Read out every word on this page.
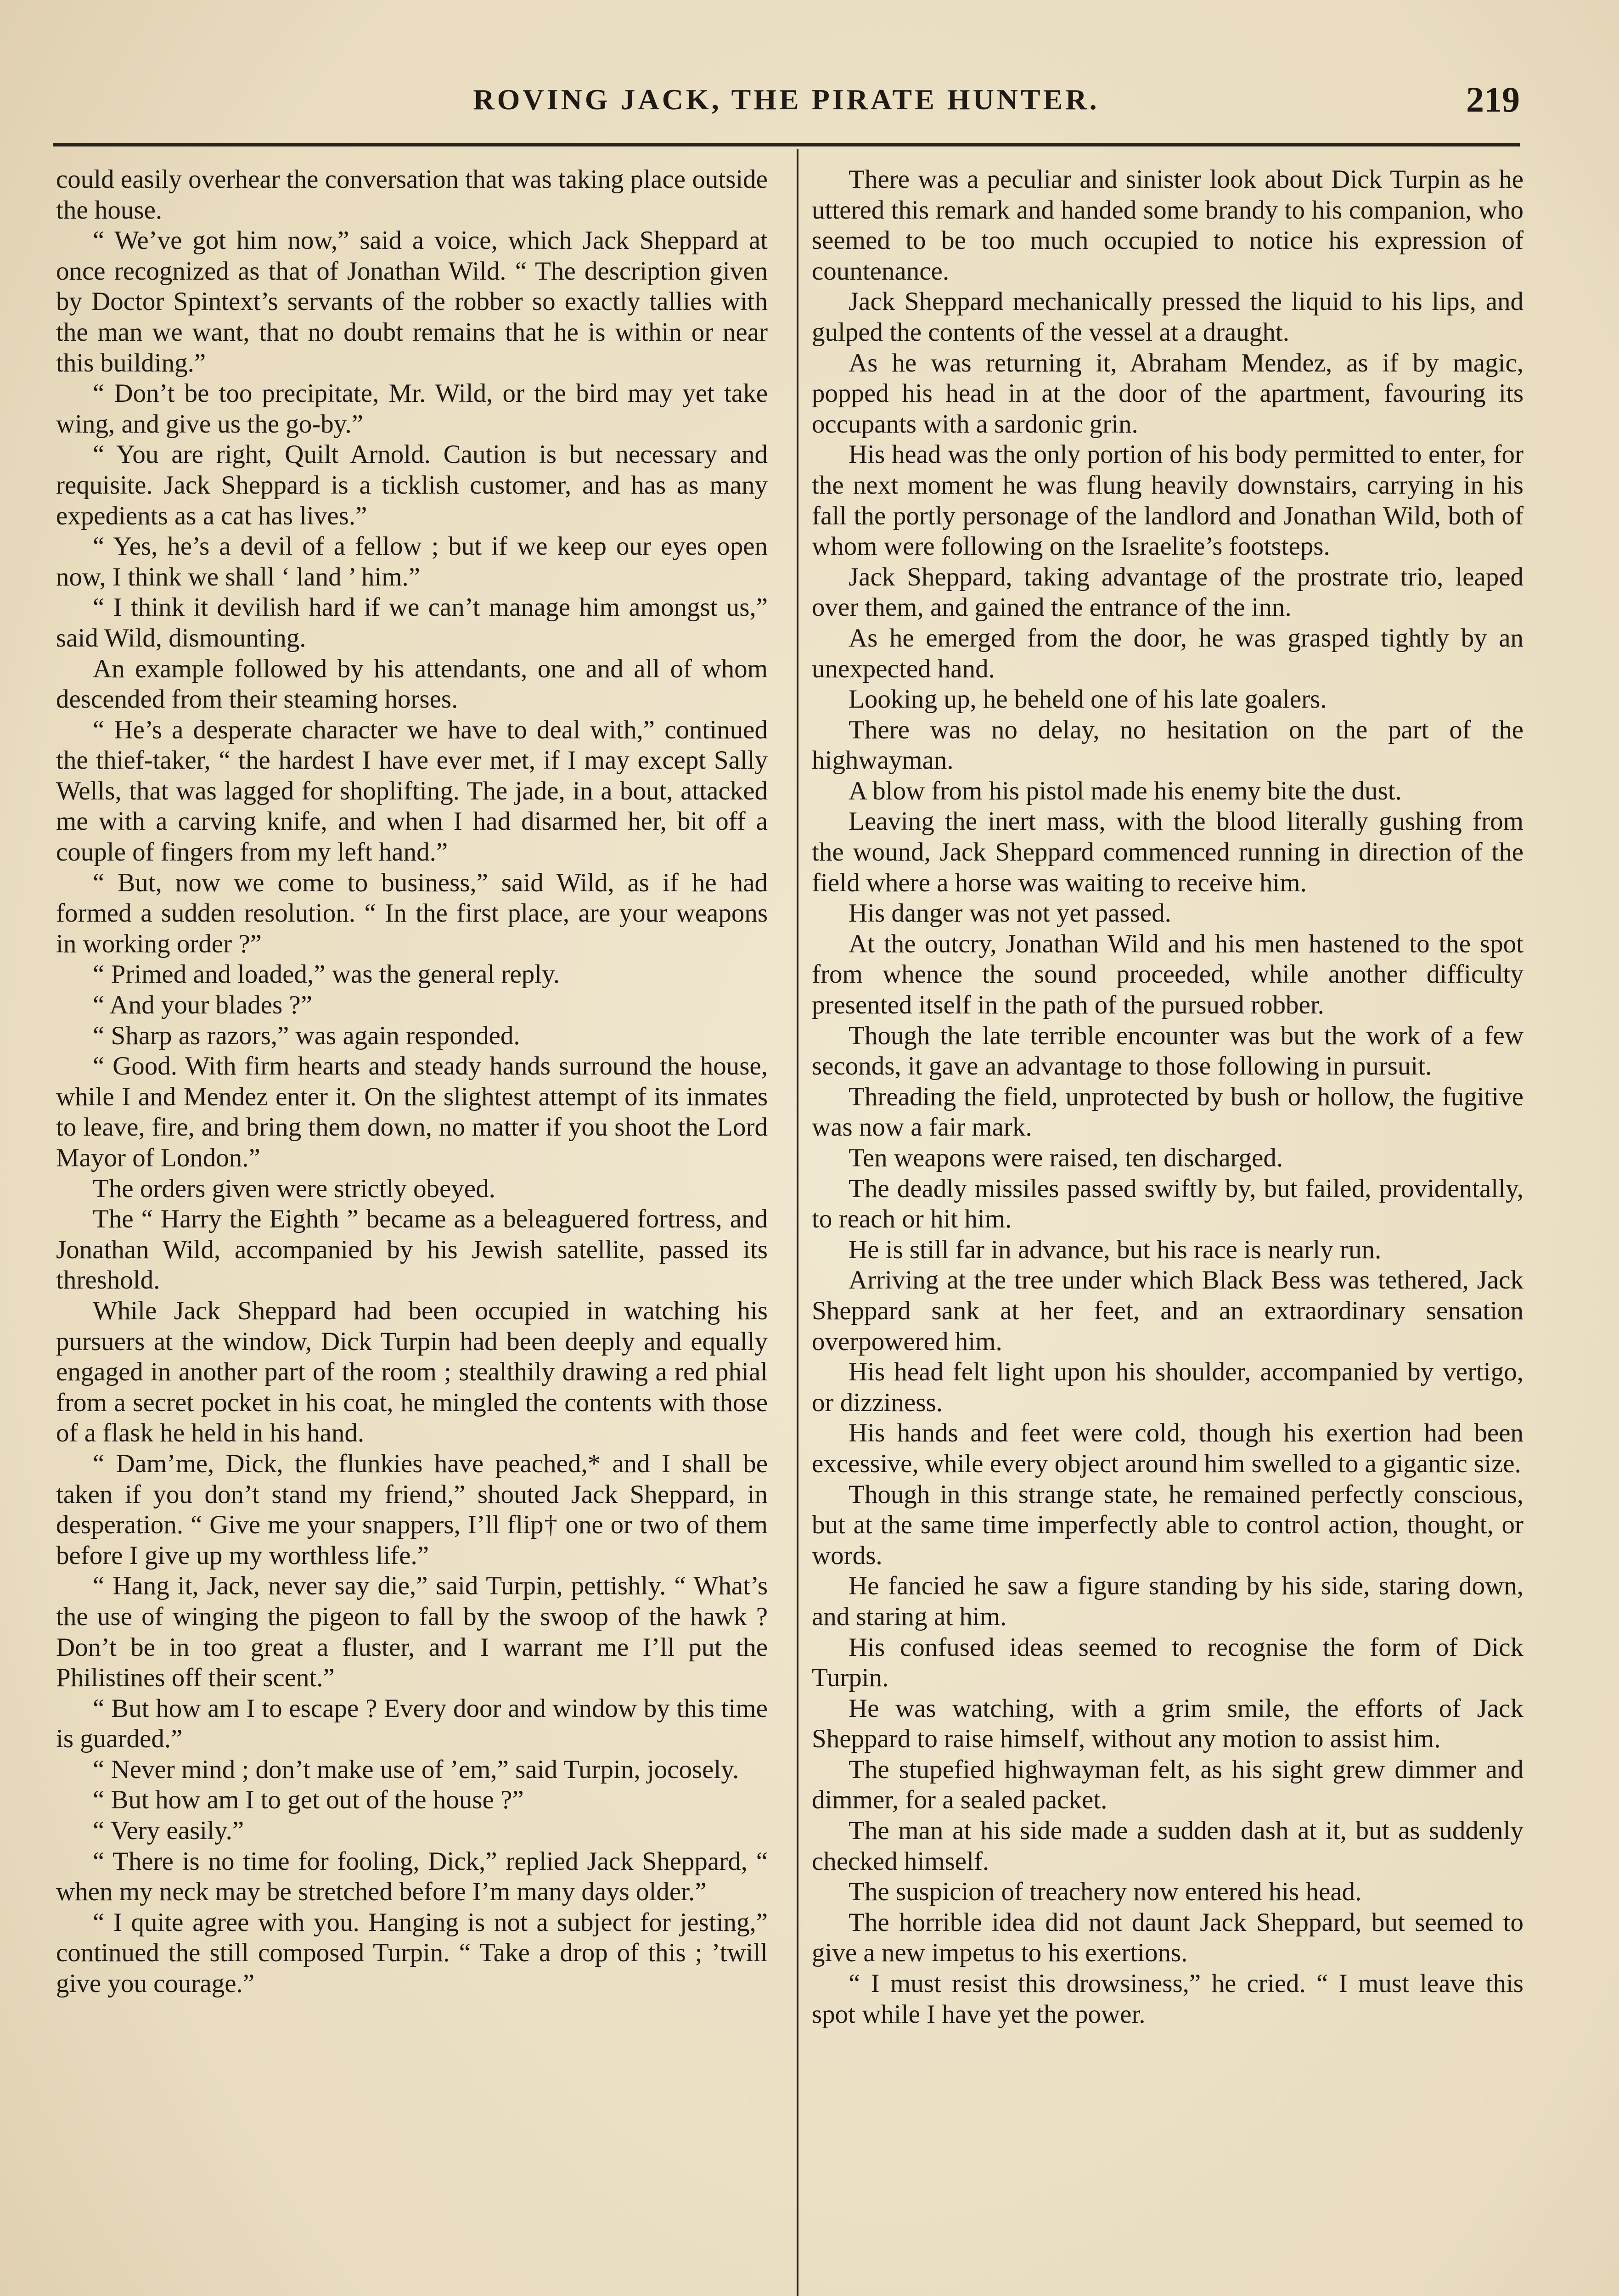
ROVING JACK, THE PIRATE HUNTER.	219

could easily overhear the conversation that was taking place outside the house.

“ We’ve got him now,” said a voice, which Jack Sheppard at once recognized as that of Jonathan Wild. “ The description given by Doctor Spintext’s servants of the robber so exactly tallies with the man we want, that no doubt remains that he is within or near this building.”

“ Don’t be too precipitate, Mr. Wild, or the bird may yet take wing, and give us the go-by.”

“ You are right, Quilt Arnold. Caution is but necessary and requisite. Jack Sheppard is a ticklish customer, and has as many expedients as a cat has lives.”

“ Yes, he’s a devil of a fellow ; but if we keep our eyes open now, I think we shall ‘ land ’ him.”

“ I think it devilish hard if we can’t manage him amongst us,” said Wild, dismounting.

An example followed by his attendants, one and all of whom descended from their steaming horses.

“ He’s a desperate character we have to deal with,” continued the thief-taker, “ the hardest I have ever met, if I may except Sally Wells, that was lagged for shoplifting. The jade, in a bout, attacked me with a carving knife, and when I had disarmed her, bit off a couple of fingers from my left hand.”

“ But, now we come to business,” said Wild, as if he had formed a sudden resolution. “ In the first place, are your weapons in working order ?”

“ Primed and loaded,” was the general reply.

“ And your blades ?”

“ Sharp as razors,” was again responded.

“ Good. With firm hearts and steady hands surround the house, while I and Mendez enter it. On the slightest attempt of its inmates to leave, fire, and bring them down, no matter if you shoot the Lord Mayor of London.”

The orders given were strictly obeyed.

The “ Harry the Eighth ” became as a beleaguered fortress, and Jonathan Wild, accompanied by his Jewish satellite, passed its threshold.

While Jack Sheppard had been occupied in watching his pursuers at the window, Dick Turpin had been deeply and equally engaged in another part of the room ; stealthily drawing a red phial from a secret pocket in his coat, he mingled the contents with those of a flask he held in his hand.

“ Dam’me, Dick, the flunkies have peached,* and I shall be taken if you don’t stand my friend,” shouted Jack Sheppard, in desperation. “ Give me your snappers, I’ll flip† one or two of them before I give up my worthless life.”

“ Hang it, Jack, never say die,” said Turpin, pettishly. “ What’s the use of winging the pigeon to fall by the swoop of the hawk ? Don’t be in too great a fluster, and I warrant me I’ll put the Philistines off their scent.”

“ But how am I to escape ? Every door and window by this time is guarded.”

“ Never mind ; don’t make use of ’em,” said Turpin, jocosely.

“ But how am I to get out of the house ?”

“ Very easily.”

“ There is no time for fooling, Dick,” replied Jack Sheppard, “ when my neck may be stretched before I’m many days older.”

“ I quite agree with you. Hanging is not a subject for jesting,” continued the still composed Turpin. “ Take a drop of this ; ’twill give you courage.”

There was a peculiar and sinister look about Dick Turpin as he uttered this remark and handed some brandy to his companion, who seemed to be too much occupied to notice his expression of countenance.

Jack Sheppard mechanically pressed the liquid to his lips, and gulped the contents of the vessel at a draught.

As he was returning it, Abraham Mendez, as if by magic, popped his head in at the door of the apartment, favouring its occupants with a sardonic grin.

His head was the only portion of his body permitted to enter, for the next moment he was flung heavily downstairs, carrying in his fall the portly personage of the landlord and Jonathan Wild, both of whom were following on the Israelite’s footsteps.

Jack Sheppard, taking advantage of the prostrate trio, leaped over them, and gained the entrance of the inn.

As he emerged from the door, he was grasped tightly by an unexpected hand.

Looking up, he beheld one of his late goalers.

There was no delay, no hesitation on the part of the highwayman.

A blow from his pistol made his enemy bite the dust.

Leaving the inert mass, with the blood literally gushing from the wound, Jack Sheppard commenced running in direction of the field where a horse was waiting to receive him.

His danger was not yet passed.

At the outcry, Jonathan Wild and his men hastened to the spot from whence the sound proceeded, while another difficulty presented itself in the path of the pursued robber.

Though the late terrible encounter was but the work of a few seconds, it gave an advantage to those following in pursuit.

Threading the field, unprotected by bush or hollow, the fugitive was now a fair mark.

Ten weapons were raised, ten discharged.

The deadly missiles passed swiftly by, but failed, providentally, to reach or hit him.

He is still far in advance, but his race is nearly run.

Arriving at the tree under which Black Bess was tethered, Jack Sheppard sank at her feet, and an extraordinary sensation overpowered him.

His head felt light upon his shoulder, accompanied by vertigo, or dizziness.

His hands and feet were cold, though his exertion had been excessive, while every object around him swelled to a gigantic size.

Though in this strange state, he remained perfectly conscious, but at the same time imperfectly able to control action, thought, or words.

He fancied he saw a figure standing by his side, staring down, and staring at him.

His confused ideas seemed to recognise the form of Dick Turpin.

He was watching, with a grim smile, the efforts of Jack Sheppard to raise himself, without any motion to assist him.

The stupefied highwayman felt, as his sight grew dimmer and dimmer, for a sealed packet.

The man at his side made a sudden dash at it, but as suddenly checked himself.

The suspicion of treachery now entered his head.

The horrible idea did not daunt Jack Sheppard, but seemed to give a new impetus to his exertions.

“ I must resist this drowsiness,” he cried. “ I must leave this spot while I have yet the power.
